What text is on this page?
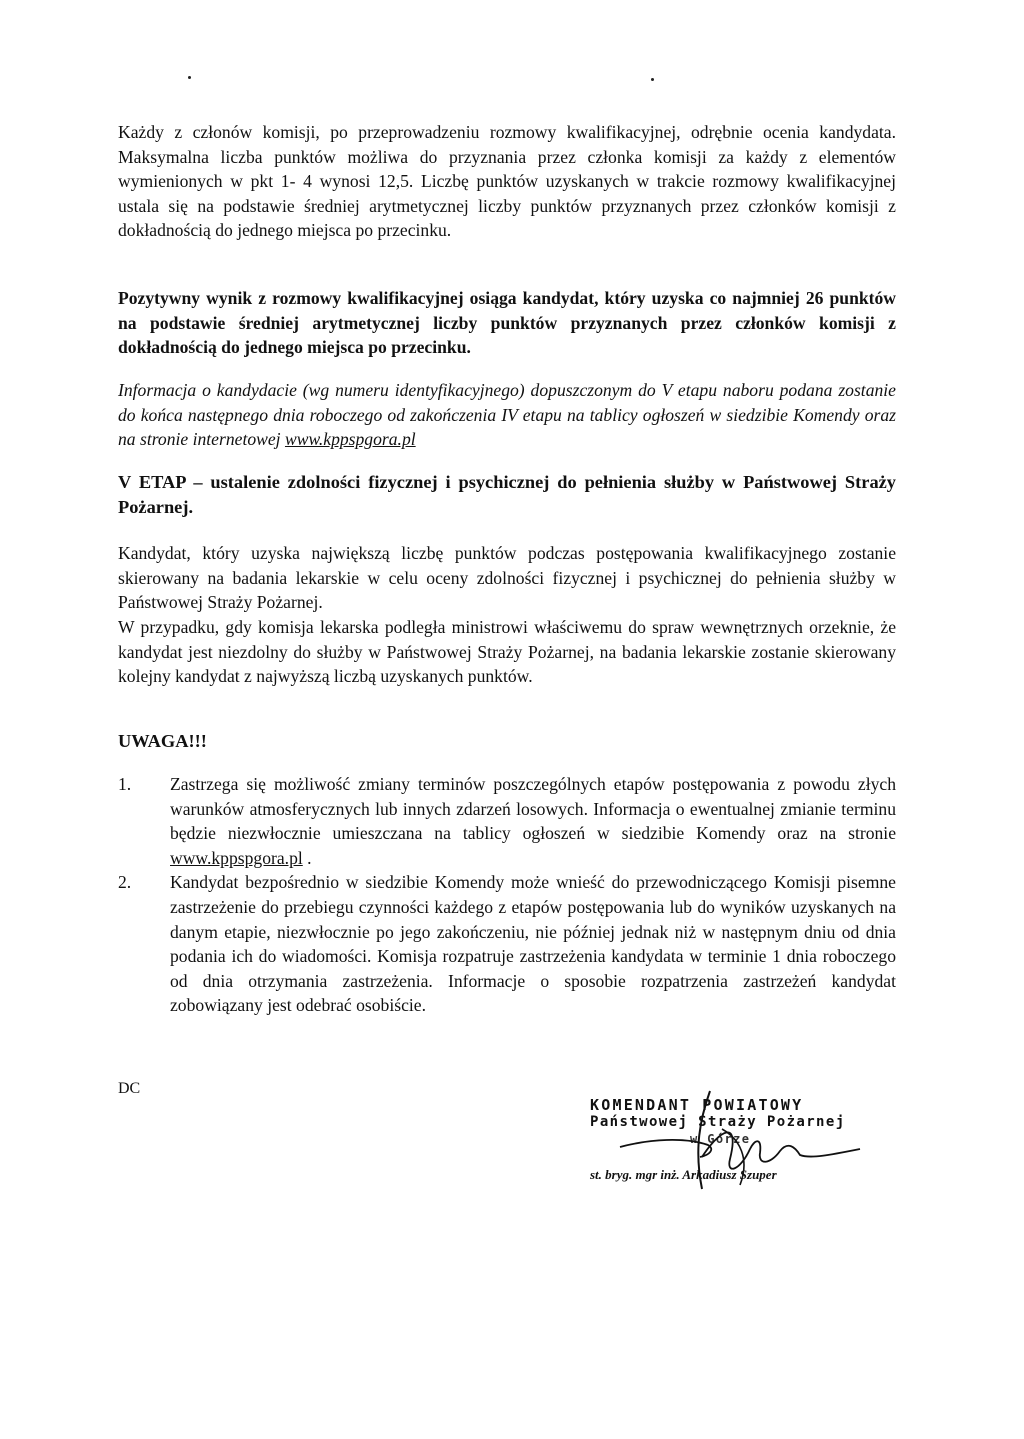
Każdy z członów komisji, po przeprowadzeniu rozmowy kwalifikacyjnej, odrębnie ocenia kandydata. Maksymalna liczba punktów możliwa do przyznania przez członka komisji za każdy z elementów wymienionych w pkt 1- 4 wynosi 12,5. Liczbę punktów uzyskanych w trakcie rozmowy kwalifikacyjnej ustala się na podstawie średniej arytmetycznej liczby punktów przyznanych przez członków komisji z dokładnością do jednego miejsca po przecinku.

Pozytywny wynik z rozmowy kwalifikacyjnej osiąga kandydat, który uzyska co najmniej 26 punktów na podstawie średniej arytmetycznej liczby punktów przyznanych przez członków komisji z dokładnością do jednego miejsca po przecinku.

Informacja o kandydacie (wg numeru identyfikacyjnego) dopuszczonym do V etapu naboru podana zostanie do końca następnego dnia roboczego od zakończenia IV etapu na tablicy ogłoszeń w siedzibie Komendy oraz na stronie internetowej www.kppspgora.pl

V ETAP – ustalenie zdolności fizycznej i psychicznej do pełnienia służby w Państwowej Straży Pożarnej.

Kandydat, który uzyska największą liczbę punktów podczas postępowania kwalifikacyjnego zostanie skierowany na badania lekarskie w celu oceny zdolności fizycznej i psychicznej do pełnienia służby w Państwowej Straży Pożarnej.

W przypadku, gdy komisja lekarska podległa ministrowi właściwemu do spraw wewnętrznych orzeknie, że kandydat jest niezdolny do służby w Państwowej Straży Pożarnej, na badania lekarskie zostanie skierowany kolejny kandydat z najwyższą liczbą uzyskanych punktów.

UWAGA!!!

1. Zastrzega się możliwość zmiany terminów poszczególnych etapów postępowania z powodu złych warunków atmosferycznych lub innych zdarzeń losowych. Informacja o ewentualnej zmianie terminu będzie niezwłocznie umieszczana na tablicy ogłoszeń w siedzibie Komendy oraz na stronie www.kppspgora.pl .
2. Kandydat bezpośrednio w siedzibie Komendy może wnieść do przewodniczącego Komisji pisemne zastrzeżenie do przebiegu czynności każdego z etapów postępowania lub do wyników uzyskanych na danym etapie, niezwłocznie po jego zakończeniu, nie później jednak niż w następnym dniu od dnia podania ich do wiadomości. Komisja rozpatruje zastrzeżenia kandydata w terminie 1 dnia roboczego od dnia otrzymania zastrzeżenia. Informacje o sposobie rozpatrzenia zastrzeżeń kandydat zobowiązany jest odebrać osobiście.
DC
KOMENDANT POWIATOWY
Państwowej Straży Pożarnej
w Górze
st. bryg. mgr inż. Arkadiusz Szuper
